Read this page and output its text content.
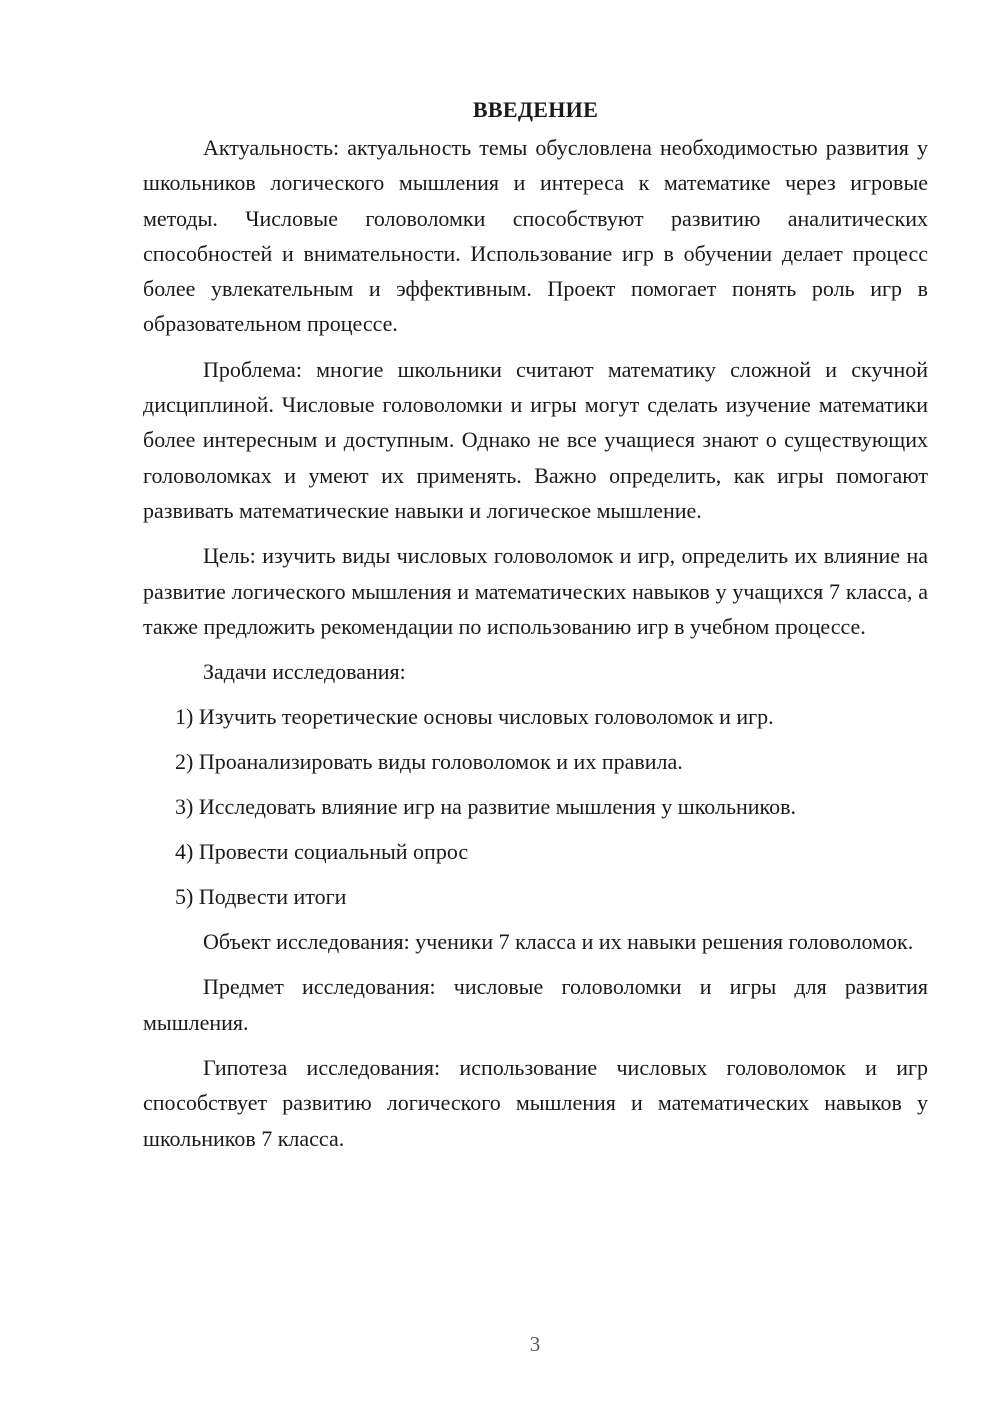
ВВЕДЕНИЕ

Актуальность: актуальность темы обусловлена необходимостью развития у школьников логического мышления и интереса к математике через игровые методы. Числовые головоломки способствуют развитию аналитических способностей и внимательности. Использование игр в обучении делает процесс более увлекательным и эффективным. Проект помогает понять роль игр в образовательном процессе.

Проблема: многие школьники считают математику сложной и скучной дисциплиной. Числовые головоломки и игры могут сделать изучение математики более интересным и доступным. Однако не все учащиеся знают о существующих головоломках и умеют их применять. Важно определить, как игры помогают развивать математические навыки и логическое мышление.

Цель: изучить виды числовых головоломок и игр, определить их влияние на развитие логического мышления и математических навыков у учащихся 7 класса, а также предложить рекомендации по использованию игр в учебном процессе.

Задачи исследования:

1) Изучить теоретические основы числовых головоломок и игр.

2) Проанализировать виды головоломок и их правила.

3) Исследовать влияние игр на развитие мышления у школьников.

4) Провести социальный опрос

5) Подвести итоги

Объект исследования: ученики 7 класса и их навыки решения головоломок.

Предмет исследования: числовые головоломки и игры для развития мышления.

Гипотеза исследования: использование числовых головоломок и игр способствует развитию логического мышления и математических навыков у школьников 7 класса.

3
